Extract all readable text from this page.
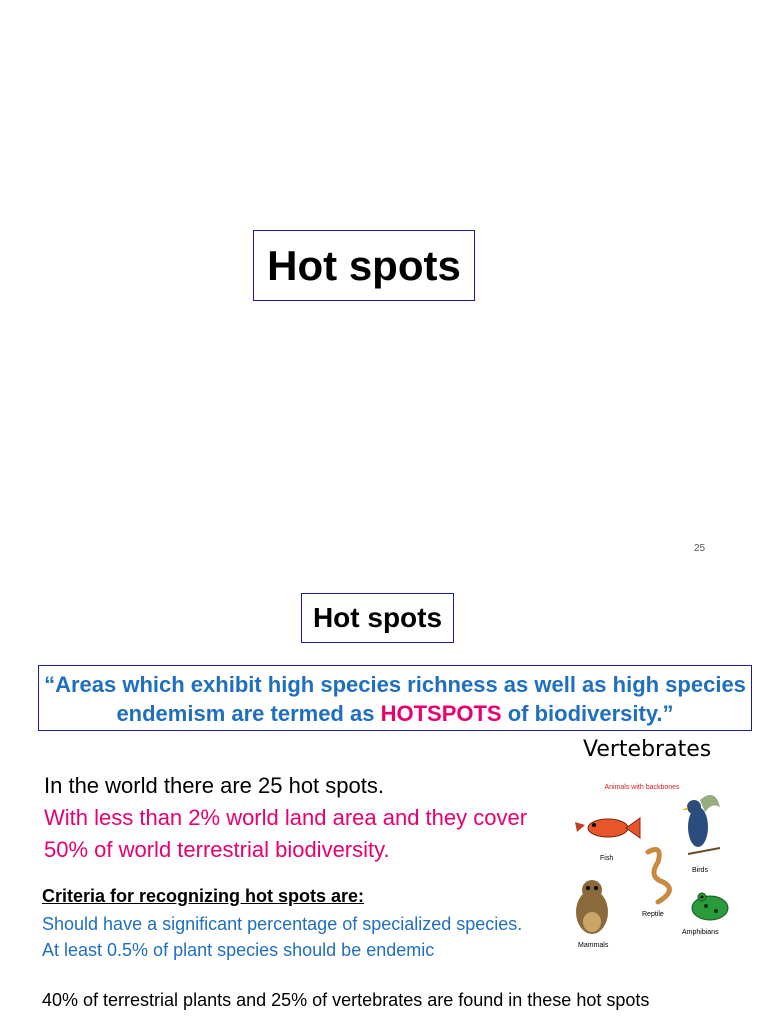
Hot spots
25
Hot spots
“Areas which exhibit high species richness as well as high species endemism are termed as HOTSPOTS of biodiversity.”
Vertebrates
In the world there are 25 hot spots.
With less than 2% world land area and they cover
50% of world terrestrial biodiversity.
Criteria for recognizing hot spots are:
Should have a significant percentage of specialized species.
At least 0.5% of plant species should be endemic
40% of terrestrial plants and 25% of vertebrates are found in these hot spots
Animals with backbones
Fish
Birds
Reptile
Mammals
Amphibians
